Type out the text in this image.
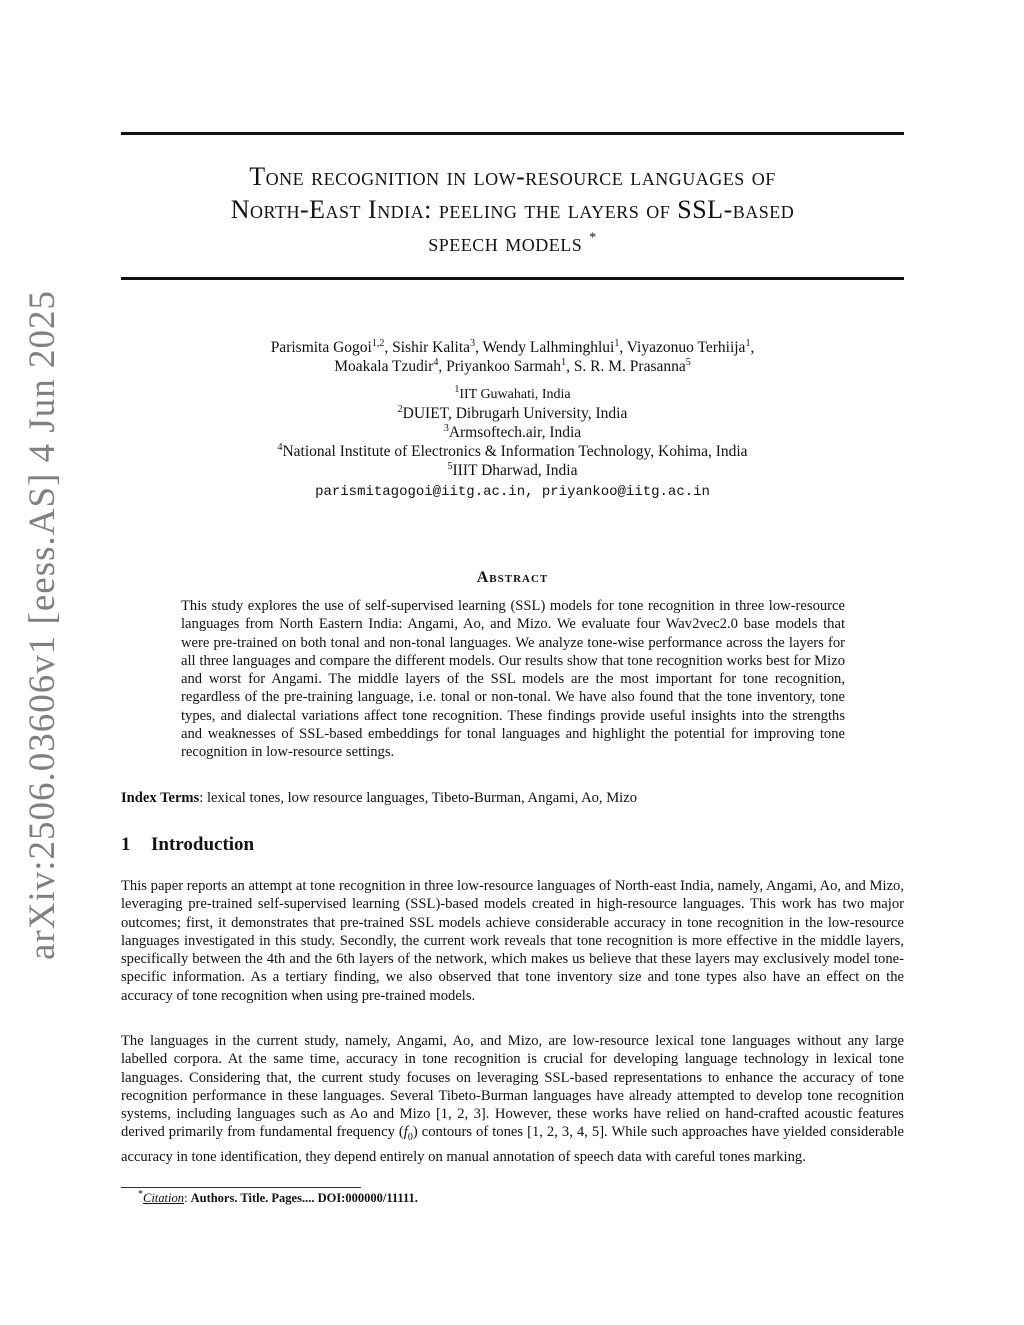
Tone recognition in low-resource languages of
North-East India: peeling the layers of SSL-based
speech models *
arXiv:2506.03606v1 [eess.AS] 4 Jun 2025	Parismita Gogoi$^{1,2}$, Sishir Kalita$^3$, Wendy Lalhminghlui$^1$, Viyazonuo Terhiija$^1$,
Moakala Tzudir$^4$, Priyankoo Sarmah$^1$, S. R. M. Prasanna$^5$
$^1$IIT Guwahati, India
$^2$DUIET, Dibrugarh University, India
$^3$Armsoftech.air, India
$^4$National Institute of Electronics & Information Technology, Kohima, India
$^5$IIIT Dharwad, India
parismitagogoi@iitg.ac.in, priyankoo@iitg.ac.in
Abstract
This study explores the use of self-supervised learning (SSL) models for tone recognition in three low-resource languages from North Eastern India: Angami, Ao, and Mizo. We evaluate four Wav2vec2.0 base models that were pre-trained on both tonal and non-tonal languages. We analyze tone-wise performance across the layers for all three languages and compare the different models. Our results show that tone recognition works best for Mizo and worst for Angami. The middle layers of the SSL models are the most important for tone recognition, regardless of the pre-training language, i.e. tonal or non-tonal. We have also found that the tone inventory, tone types, and dialectal variations affect tone recognition. These findings provide useful insights into the strengths and weaknesses of SSL-based embeddings for tonal languages and highlight the potential for improving tone recognition in low-resource settings.
Index Terms: lexical tones, low resource languages, Tibeto-Burman, Angami, Ao, Mizo
1 Introduction
This paper reports an attempt at tone recognition in three low-resource languages of North-east India, namely, Angami, Ao, and Mizo, leveraging pre-trained self-supervised learning (SSL)-based models created in high-resource languages. This work has two major outcomes; first, it demonstrates that pre-trained SSL models achieve considerable accuracy in tone recognition in the low-resource languages investigated in this study. Secondly, the current work reveals that tone recognition is more effective in the middle layers, specifically between the 4th and the 6th layers of the network, which makes us believe that these layers may exclusively model tone-specific information. As a tertiary finding, we also observed that tone inventory size and tone types also have an effect on the accuracy of tone recognition when using pre-trained models.
The languages in the current study, namely, Angami, Ao, and Mizo, are low-resource lexical tone languages without any large labelled corpora. At the same time, accuracy in tone recognition is crucial for developing language technology in lexical tone languages. Considering that, the current study focuses on leveraging SSL-based representations to enhance the accuracy of tone recognition performance in these languages. Several Tibeto-Burman languages have already attempted to develop tone recognition systems, including languages such as Ao and Mizo [1, 2, 3]. However, these works have relied on hand-crafted acoustic features derived primarily from fundamental frequency $(f_0)$ contours of tones [1, 2, 3, 4, 5]. While such approaches have yielded considerable accuracy in tone identification, they depend entirely on manual annotation of speech data with careful tones marking.
*Citation: Authors. Title. Pages.... DOI:000000/11111.
